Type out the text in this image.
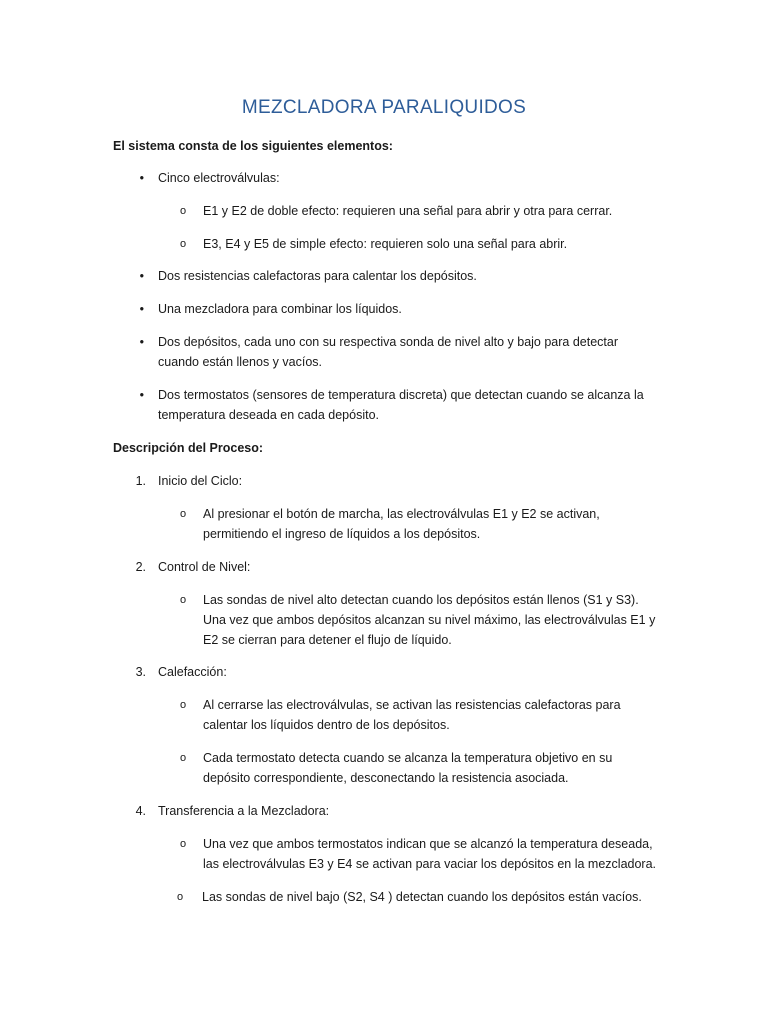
MEZCLADORA PARALIQUIDOS
El sistema consta de los siguientes elementos:
• Cinco electroválvulas:
o E1 y E2 de doble efecto: requieren una señal para abrir y otra para cerrar.
o E3, E4 y E5 de simple efecto: requieren solo una señal para abrir.
• Dos resistencias calefactoras para calentar los depósitos.
• Una mezcladora para combinar los líquidos.
• Dos depósitos, cada uno con su respectiva sonda de nivel alto y bajo para detectar
cuando están llenos y vacíos.
• Dos termostatos (sensores de temperatura discreta) que detectan cuando se alcanza la
temperatura deseada en cada depósito.
Descripción del Proceso:
1. Inicio del Ciclo:
o Al presionar el botón de marcha, las electroválvulas E1 y E2 se activan,
permitiendo el ingreso de líquidos a los depósitos.
2. Control de Nivel:
o Las sondas de nivel alto detectan cuando los depósitos están llenos (S1 y S3).
Una vez que ambos depósitos alcanzan su nivel máximo, las electroválvulas E1 y
E2 se cierran para detener el flujo de líquido.
3. Calefacción:
o Al cerrarse las electroválvulas, se activan las resistencias calefactoras para
calentar los líquidos dentro de los depósitos.
o Cada termostato detecta cuando se alcanza la temperatura objetivo en su
depósito correspondiente, desconectando la resistencia asociada.
4. Transferencia a la Mezcladora:
o Una vez que ambos termostatos indican que se alcanzó la temperatura deseada,
las electroválvulas E3 y E4 se activan para vaciar los depósitos en la mezcladora.
o Las sondas de nivel bajo (S2, S4 ) detectan cuando los depósitos están vacíos.
